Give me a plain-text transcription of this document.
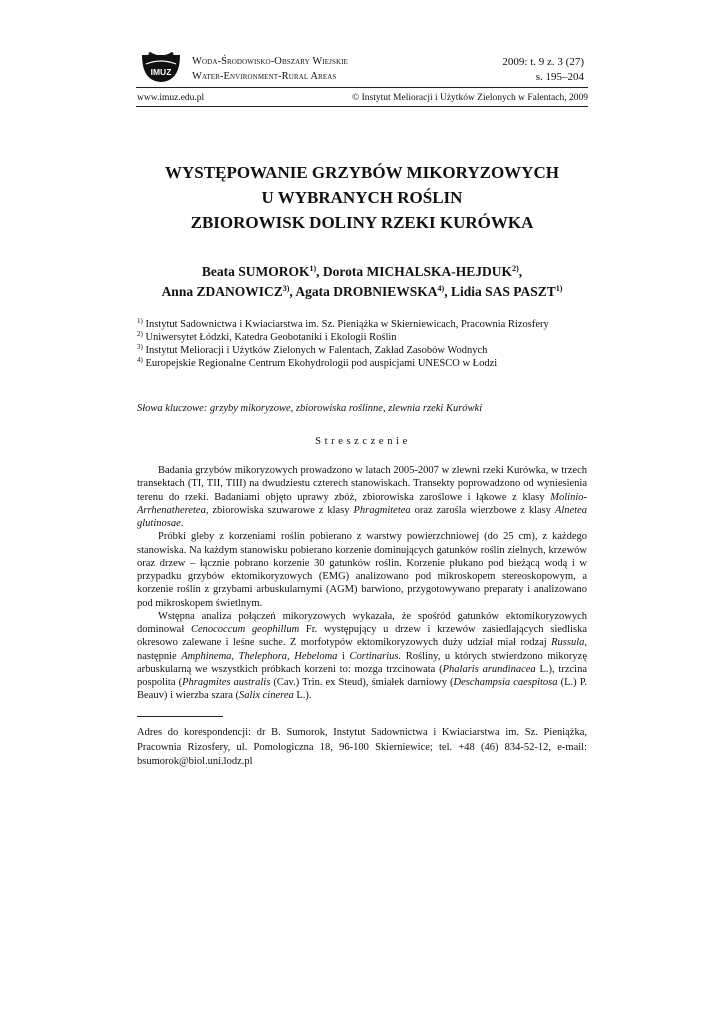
IMUZ
Woda-Środowisko-Obszary Wiejskie
Water-Environment-Rural Areas
2009: t. 9 z. 3 (27)
s. 195–204
www.imuz.edu.pl	© Instytut Melioracji i Użytków Zielonych w Falentach, 2009
WYSTĘPOWANIE GRZYBÓW MIKORYZOWYCH
U WYBRANYCH ROŚLIN
ZBIOROWISK DOLINY RZEKI KURÓWKA
Beata SUMOROK$^{1)}$, Dorota MICHALSKA-HEJDUK$^{2)}$,
Anna ZDANOWICZ$^{3)}$, Agata DROBNIEWSKA$^{4)}$, Lidia SAS PASZT$^{1)}$
$^{1)}$ Instytut Sadownictwa i Kwiaciarstwa im. Sz. Pieniążka w Skierniewicach, Pracownia Rizosfery
$^{2)}$ Uniwersytet Łódzki, Katedra Geobotaniki i Ekologii Roślin
$^{3)}$ Instytut Melioracji i Użytków Zielonych w Falentach, Zakład Zasobów Wodnych
$^{4)}$ Europejskie Regionalne Centrum Ekohydrologii pod auspicjami UNESCO w Łodzi
Słowa kluczowe: grzyby mikoryzowe, zbiorowiska roślinne, zlewnia rzeki Kurówki
Streszczenie

Badania grzybów mikoryzowych prowadzono w latach 2005-2007 w zlewni rzeki Kurówka, w trzech transektach (TI, TII, TIII) na dwudziestu czterech stanowiskach. Transekty poprowadzono od wyniesienia terenu do rzeki. Badaniami objęto uprawy zbóż, zbiorowiska zaroślowe i łąkowe z klasy Molinio-Arrhenatheretea, zbiorowiska szuwarowe z klasy Phragmitetea oraz zarośla wierzbowe z klasy Alnetea glutinosae.

Próbki gleby z korzeniami roślin pobierano z warstwy powierzchniowej (do 25 cm), z każdego stanowiska. Na każdym stanowisku pobierano korzenie dominujących gatunków roślin zielnych, krzewów oraz drzew – łącznie pobrano korzenie 30 gatunków roślin. Korzenie płukano pod bieżącą wodą i w przypadku grzybów ektomikoryzowych (EMG) analizowano pod mikroskopem stereoskopowym, a korzenie roślin z grzybami arbuskularnymi (AGM) barwiono, przygotowywano preparaty i analizowano pod mikroskopem świetlnym.

Wstępna analiza połączeń mikoryzowych wykazała, że spośród gatunków ektomikoryzowych dominował Cenococcum geophillum Fr. występujący u drzew i krzewów zasiedlających siedliska okresowo zalewane i leśne suche. Z morfotypów ektomikoryzowych duży udział miał rodzaj Russula, następnie Amphinema, Thelephora, Hebeloma i Cortinarius. Rośliny, u których stwierdzono mikoryzę arbuskularną we wszystkich próbkach korzeni to: mozga trzcinowata (Phalaris arundinacea L.), trzcina pospolita (Phragmites australis (Cav.) Trin. ex Steud), śmiałek darniowy (Deschampsia caespitosa (L.) P. Beauv) i wierzba szara (Salix cinerea L.).

Adres do korespondencji: dr B. Sumorok, Instytut Sadownictwa i Kwiaciarstwa im. Sz. Pieniążka, Pracownia Rizosfery, ul. Pomologiczna 18, 96-100 Skierniewice; tel. +48 (46) 834-52-12, e-mail: bsumorok@biol.uni.lodz.pl
